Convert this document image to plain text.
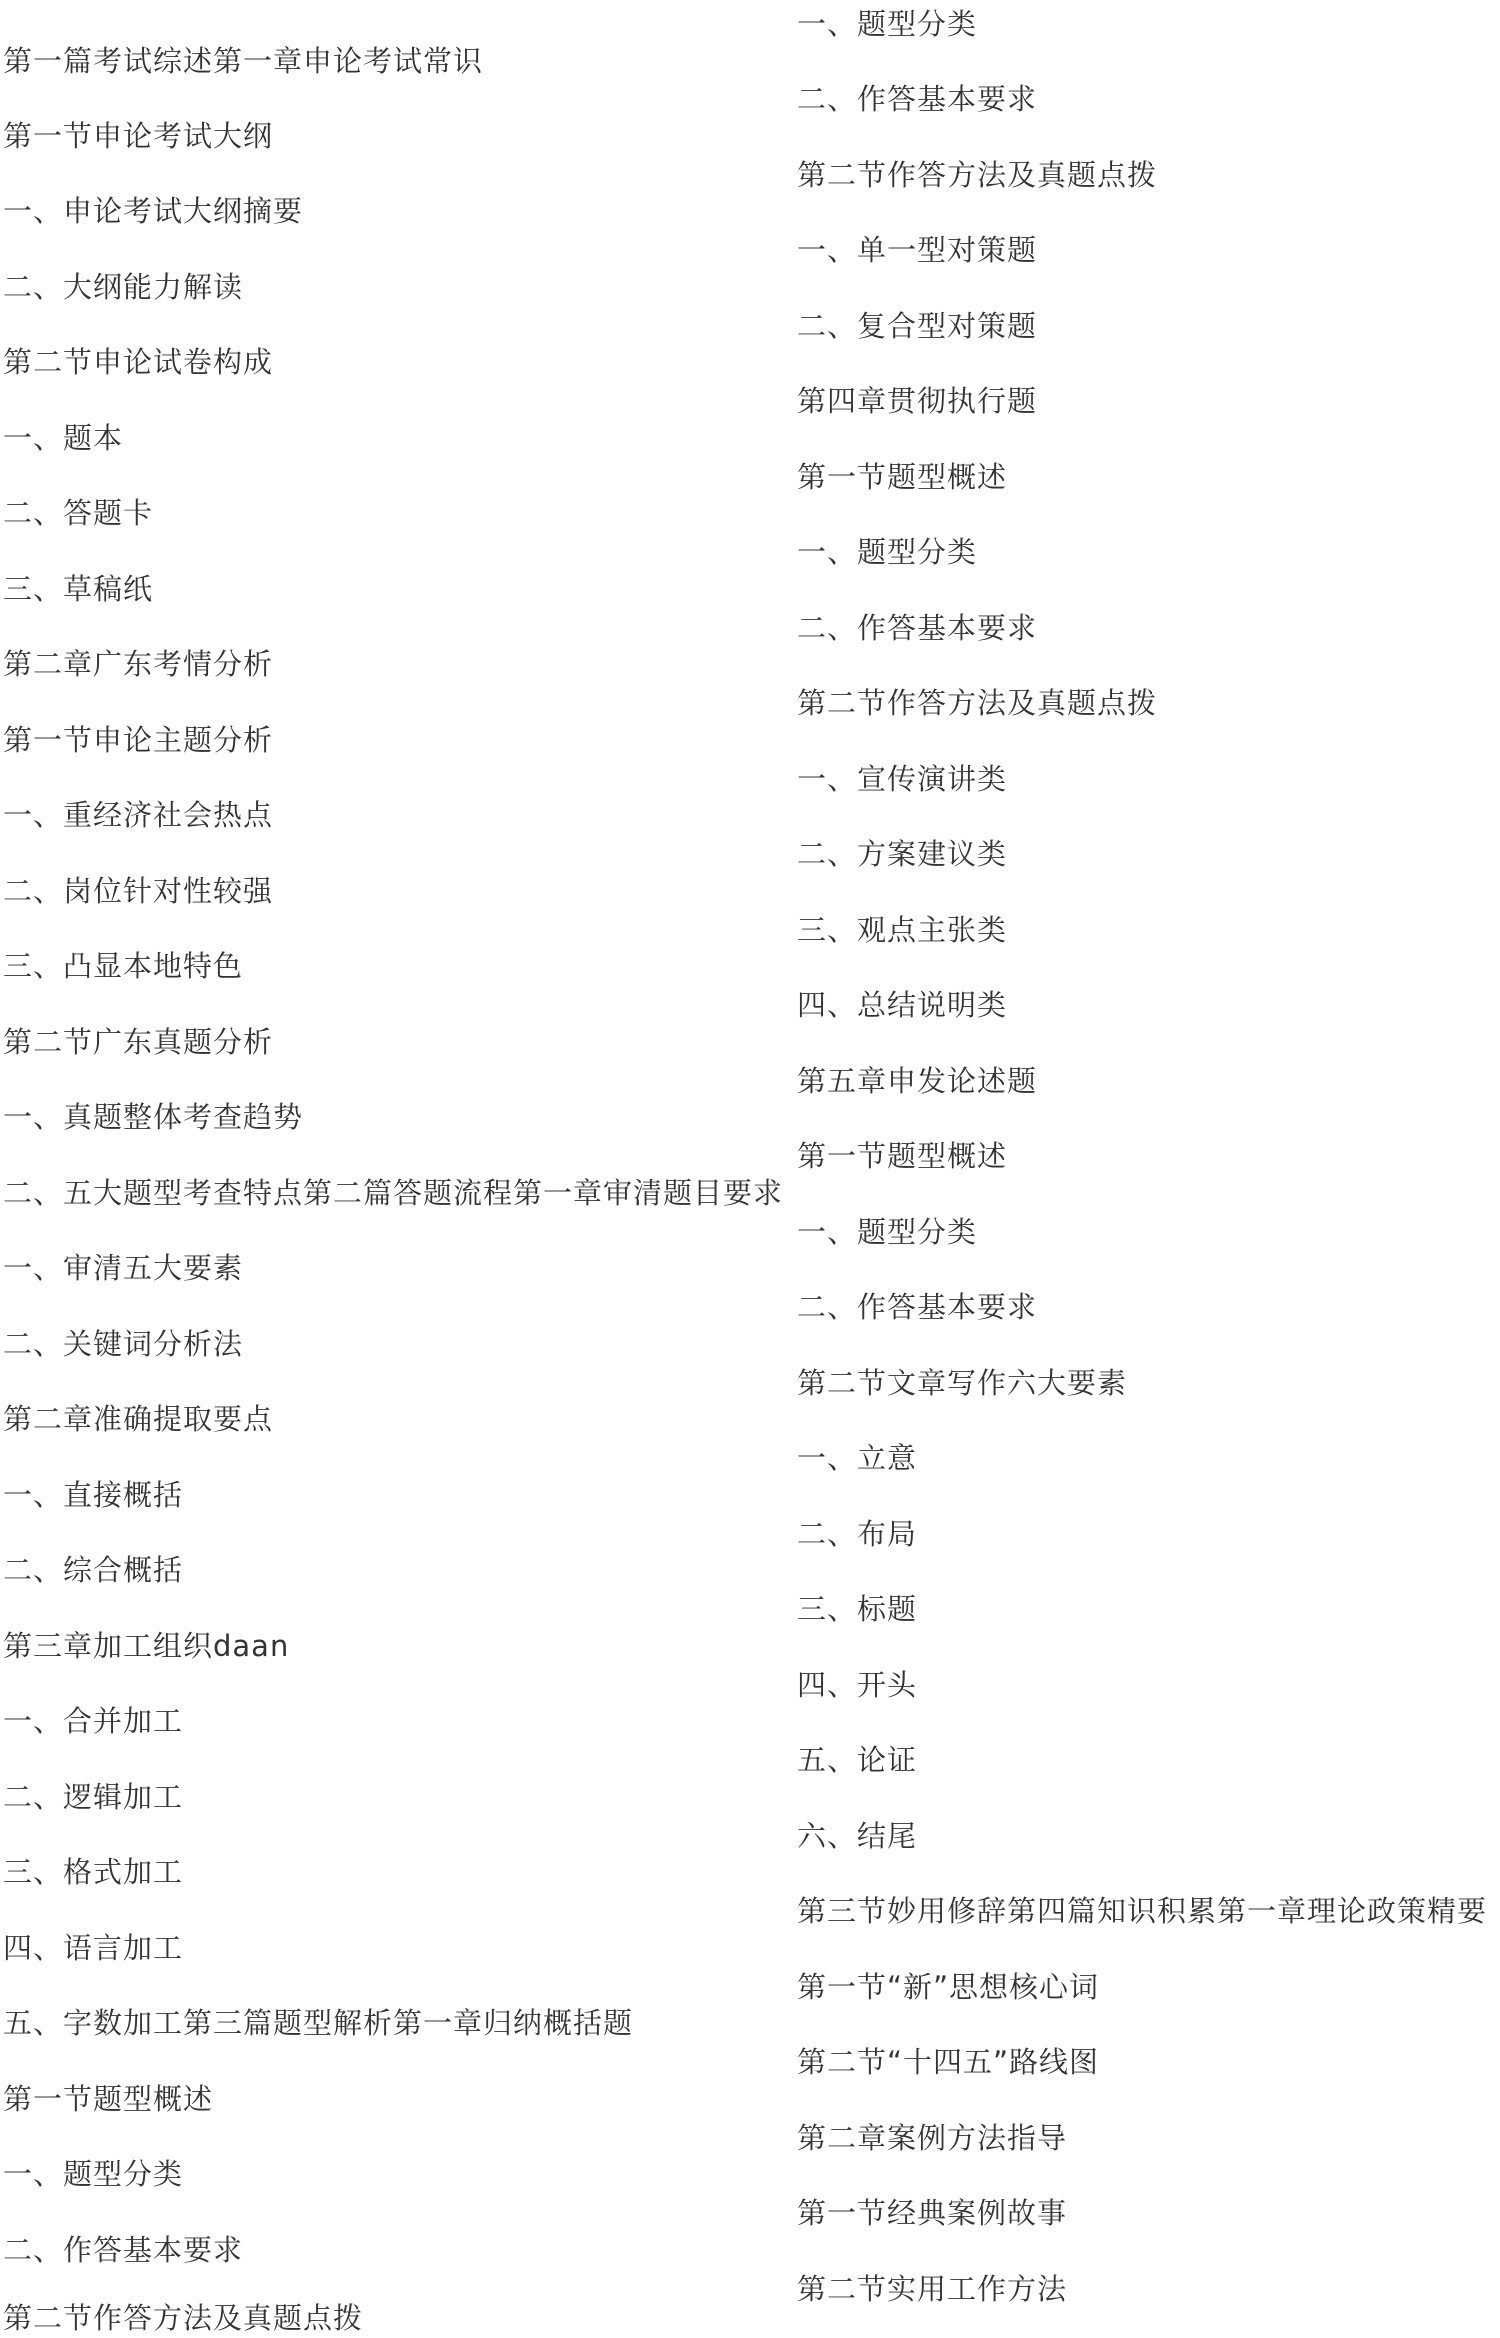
第一篇考试综述第一章申论考试常识
第一节申论考试大纲
一、申论考试大纲摘要
二、大纲能力解读
第二节申论试卷构成
一、题本
二、答题卡
三、草稿纸
第二章广东考情分析
第一节申论主题分析
一、重经济社会热点
二、岗位针对性较强
三、凸显本地特色
第二节广东真题分析
一、真题整体考查趋势
二、五大题型考查特点第二篇答题流程第一章审清题目要求
一、审清五大要素
二、关键词分析法
第二章准确提取要点
一、直接概括
二、综合概括
第三章加工组织daan
一、合并加工
二、逻辑加工
三、格式加工
四、语言加工
五、字数加工第三篇题型解析第一章归纳概括题
第一节题型概述
一、题型分类
二、作答基本要求
第二节作答方法及真题点拨
一、题型分类
二、作答基本要求
第二节作答方法及真题点拨
一、单一型对策题
二、复合型对策题
第四章贯彻执行题
第一节题型概述
一、题型分类
二、作答基本要求
第二节作答方法及真题点拨
一、宣传演讲类
二、方案建议类
三、观点主张类
四、总结说明类
第五章申发论述题
第一节题型概述
一、题型分类
二、作答基本要求
第二节文章写作六大要素
一、立意
二、布局
三、标题
四、开头
五、论证
六、结尾
第三节妙用修辞第四篇知识积累第一章理论政策精要
第一节“新”思想核心词
第二节“十四五”路线图
第二章案例方法指导
第一节经典案例故事
第二节实用工作方法
